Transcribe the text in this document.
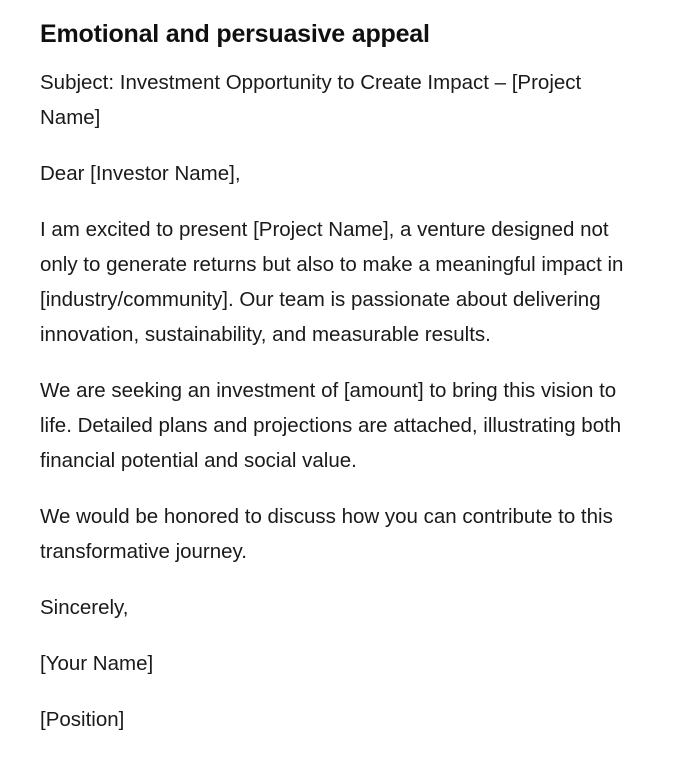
Emotional and persuasive appeal

Subject: Investment Opportunity to Create Impact – [Project Name]

Dear [Investor Name],

I am excited to present [Project Name], a venture designed not only to generate returns but also to make a meaningful impact in [industry/community]. Our team is passionate about delivering innovation, sustainability, and measurable results.

We are seeking an investment of [amount] to bring this vision to life. Detailed plans and projections are attached, illustrating both financial potential and social value.

We would be honored to discuss how you can contribute to this transformative journey.

Sincerely,

[Your Name]

[Position]
